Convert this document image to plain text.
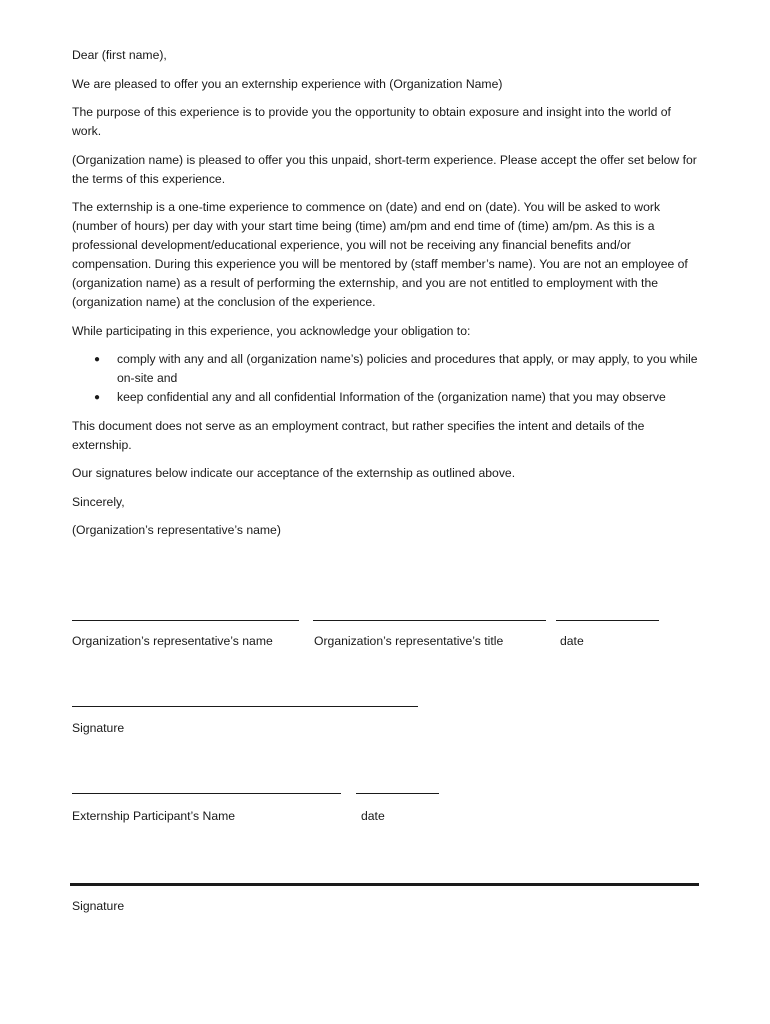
Dear (first name),

We are pleased to offer you an externship experience with (Organization Name)

The purpose of this experience is to provide you the opportunity to obtain exposure and insight into the world of work.

(Organization name) is pleased to offer you this unpaid, short-term experience. Please accept the offer set below for the terms of this experience.

The externship is a one-time experience to commence on (date) and end on (date). You will be asked to work (number of hours) per day with your start time being (time) am/pm and end time of (time) am/pm. As this is a professional development/educational experience, you will not be receiving any financial benefits and/or compensation. During this experience you will be mentored by (staff member’s name). You are not an employee of (organization name) as a result of performing the externship, and you are not entitled to employment with the (organization name) at the conclusion of the experience.

While participating in this experience, you acknowledge your obligation to:

● comply with any and all (organization name’s) policies and procedures that apply, or may apply, to you while on-site and
● keep confidential any and all confidential Information of the (organization name) that you may observe

This document does not serve as an employment contract, but rather specifies the intent and details of the externship.

Our signatures below indicate our acceptance of the externship as outlined above.

Sincerely,

(Organization’s representative’s name)

Organization’s representative’s name	Organization’s representative’s title	date
Signature
Externship Participant’s Name	date
Signature
